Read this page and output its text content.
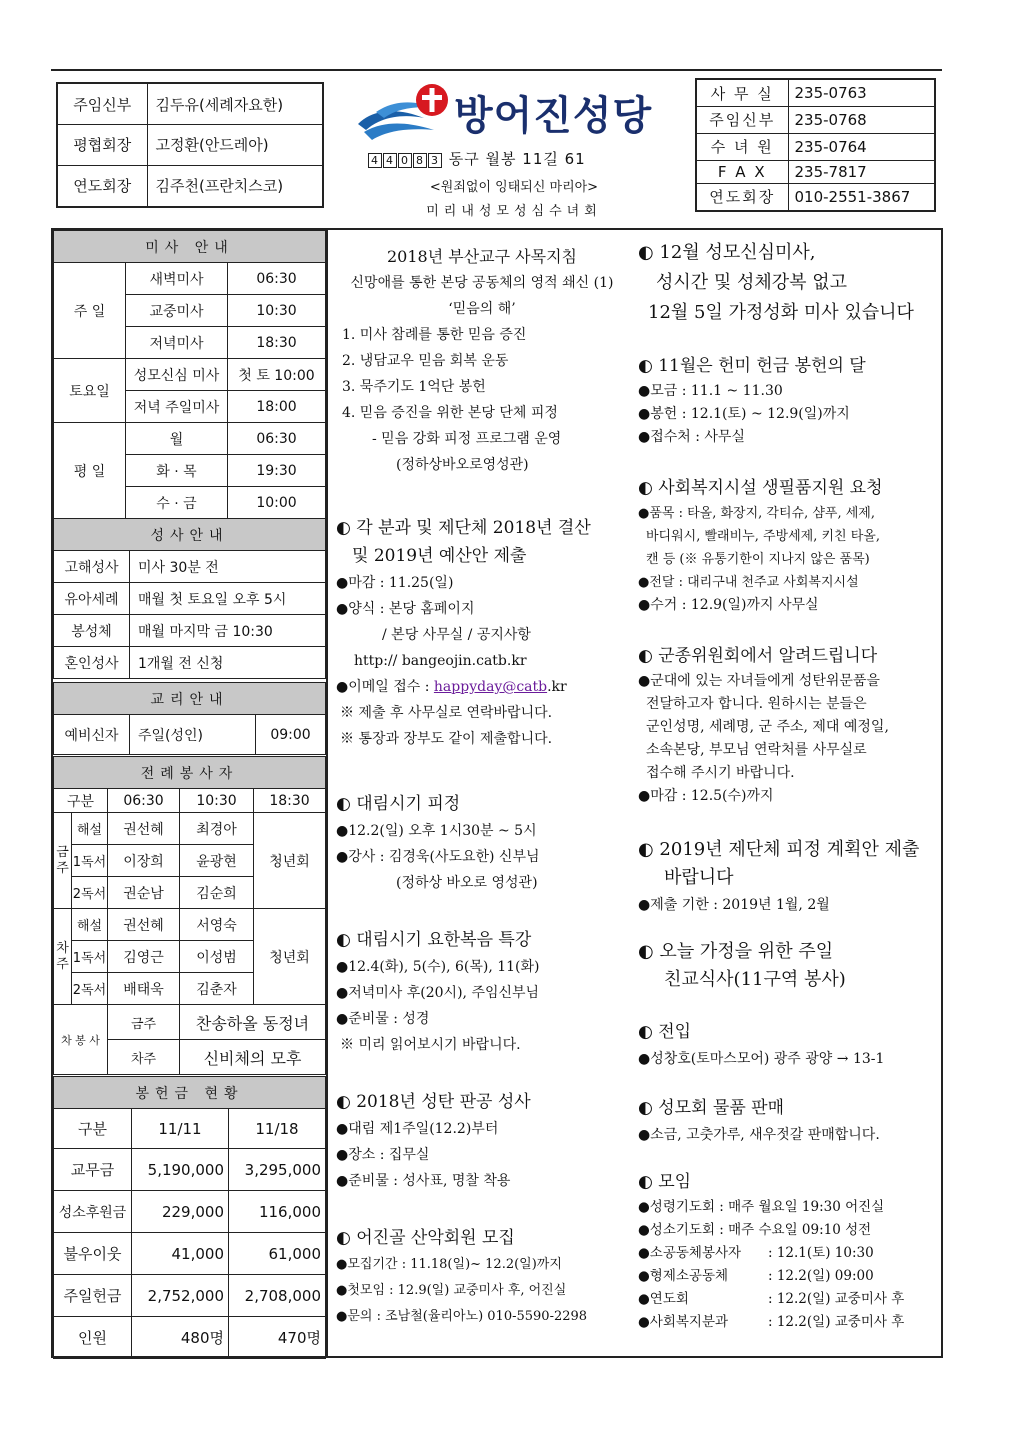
주임신부	김두유(세례자요한)
평협회장	고정환(안드레아)
연도회장	김주천(프란치스코)
방어진성당
4 4 0 8 3 동구 월봉 11길 61
<원죄없이 잉태되신 마리아>
미리내성모성심수녀회
사 무 실	235-0763
주임신부	235-0768
수 녀 원	235-0764
F A X	235-7817
연도회장	010-2551-3867
미사 안내		
주 일	새벽미사	06:30
	교중미사	10:30
	저녁미사	18:30
토요일	성모신심 미사	첫 토 10:00
	저녁 주일미사	18:00
평 일	월	06:30
	화 · 목	19:30
	수 · 금	10:00
성사안내	
고해성사	미사 30분 전
유아세례	매월 첫 토요일 오후 5시
봉성체	매월 마지막 금 10:30
혼인성사	1개월 전 신청
교리안내
예비신자	주일(성인)	09:00
전례봉사자				
구분		06:30	10:30	18:30
금주	해설	권선혜	최경아	청년회
	1독서	이장희	윤광현	
	2독서	권순남	김순희	
차주	해설	권선혜	서영숙	청년회
	1독서	김영근	이성범	
	2독서	배태욱	김춘자	
차 봉 사		금주	찬송하올 동정녀	
		차주	신비체의 모후	
봉헌금 현황		
구분	11/11	11/18
교무금	5,190,000	3,295,000
성소후원금	229,000	116,000
불우이웃	41,000	61,000
주일헌금	2,752,000	2,708,000
인원	480명	470명
2018년 부산교구 사목지침
신망애를 통한 본당 공동체의 영적 쇄신 (1)
‘믿음의 해’
1. 미사 참례를 통한 믿음 증진
2. 냉담교우 믿음 회복 운동
3. 묵주기도 1억단 봉헌
4. 믿음 증진을 위한 본당 단체 피정
- 믿음 강화 피정 프로그램 운영
(정하상바오로영성관)
◐ 각 분과 및 제단체 2018년 결산
및 2019년 예산안 제출
●마감 : 11.25(일)
●양식 : 본당 홈페이지
/ 본당 사무실 / 공지사항
http:// bangeojin.catb.kr
●이메일 접수 : happyday@catb.kr
※ 제출 후 사무실로 연락바랍니다.
※ 통장과 장부도 같이 제출합니다.
◐ 대림시기 피정
●12.2(일) 오후 1시30분 ~ 5시
●강사 : 김경욱(사도요한) 신부님
(정하상 바오로 영성관)
◐ 대림시기 요한복음 특강
●12.4(화), 5(수), 6(목), 11(화)
●저녁미사 후(20시), 주임신부님
●준비물 : 성경
※ 미리 읽어보시기 바랍니다.
◐ 2018년 성탄 판공 성사
●대림 제1주일(12.2)부터
●장소 : 집무실
●준비물 : 성사표, 명찰 착용
◐ 어진골 산악회원 모집
●모집기간 : 11.18(일)~ 12.2(일)까지
●첫모임 : 12.9(일) 교중미사 후, 어진실
●문의 : 조남철(율리아노) 010-5590-2298
◐ 12월 성모신심미사,
성시간 및 성체강복 없고
12월 5일 가정성화 미사 있습니다
◐ 11월은 헌미 헌금 봉헌의 달
●모금 : 11.1 ~ 11.30
●봉헌 : 12.1(토) ~ 12.9(일)까지
●접수처 : 사무실
◐ 사회복지시설 생필품지원 요청
●품목 : 타올, 화장지, 각티슈, 샴푸, 세제,
바디워시, 빨래비누, 주방세제, 키친 타올,
캔 등 (※ 유통기한이 지나지 않은 품목)
●전달 : 대리구내 천주교 사회복지시설
●수거 : 12.9(일)까지 사무실
◐ 군종위원회에서 알려드립니다
●군대에 있는 자녀들에게 성탄위문품을
전달하고자 합니다. 원하시는 분들은
군인성명, 세례명, 군 주소, 제대 예정일,
소속본당, 부모님 연락처를 사무실로
접수해 주시기 바랍니다.
●마감 : 12.5(수)까지
◐ 2019년 제단체 피정 계획안 제출
바랍니다
●제출 기한 : 2019년 1월, 2월
◐ 오늘 가정을 위한 주일
친교식사(11구역 봉사)
◐ 전입
●성창호(토마스모어) 광주 광양 → 13-1
◐ 성모회 물품 판매
●소금, 고춧가루, 새우젓갈 판매합니다.
◐ 모임
●성령기도회 : 매주 월요일 19:30 어진실
●성소기도회 : 매주 수요일 09:10 성전
●소공동체봉사자	: 12.1(토) 10:30
●형제소공동체	: 12.2(일) 09:00
●연도회	: 12.2(일) 교중미사 후
●사회복지분과	: 12.2(일) 교중미사 후
